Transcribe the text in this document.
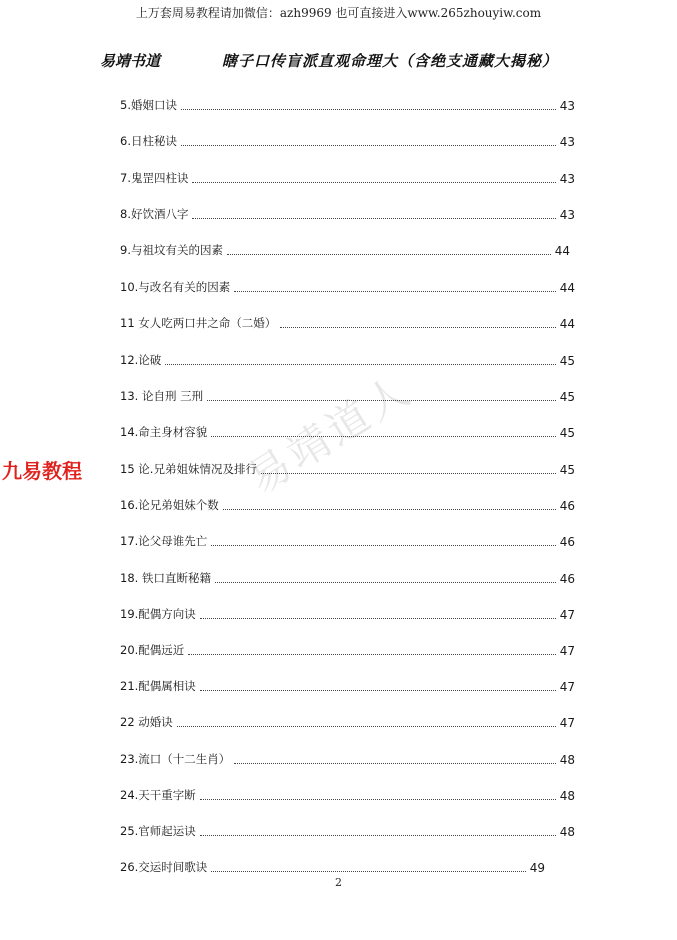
上万套周易教程请加微信：azh9969 也可直接进入www.265zhouyiw.com
易靖书道	瞎子口传盲派直观命理大（含绝支通藏大揭秘）
九易教程	易靖道人
5.婚姻口诀	43
6.日柱秘诀	43
7.鬼罡四柱诀	43
8.好饮酒八字	43
9.与祖坟有关的因素	44
10.与改名有关的因素	44
11 女人吃两口井之命（二婚）	44
12.论破	45
13. 论自刑 三刑	45
14.命主身材容貌	45
15 论.兄弟姐妹情况及排行	45
16.论兄弟姐妹个数	46
17.论父母谁先亡	46
18. 铁口直断秘籍	46
19.配偶方向诀	47
20.配偶远近	47
21.配偶属相诀	47
22 动婚诀	47
23.流口（十二生肖）	48
24.天干重字断	48
25.官师起运诀	48
26.交运时间歌诀	49
2
